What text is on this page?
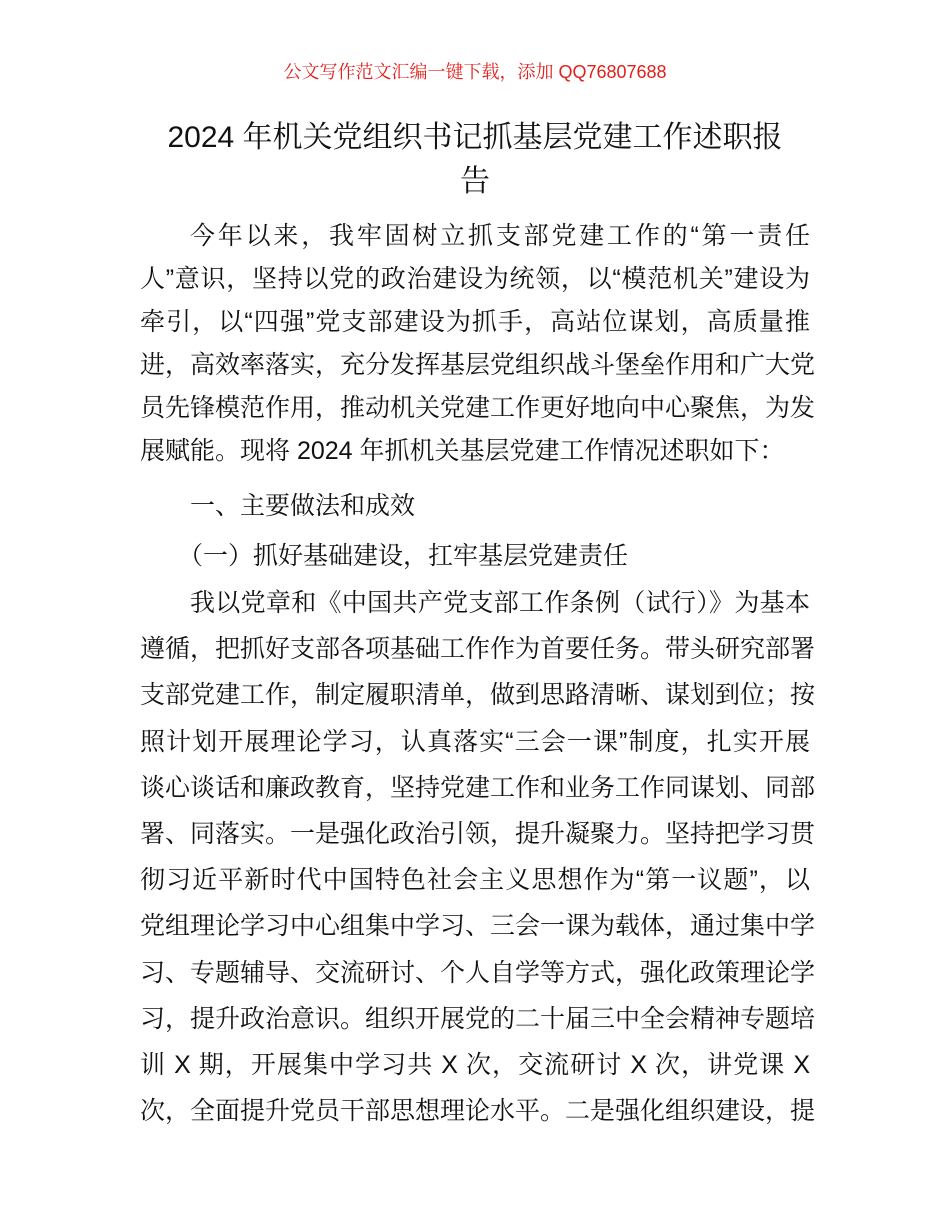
公文写作范文汇编一键下载，添加 QQ76807688
2024 年机关党组织书记抓基层党建工作述职报
告
今年以来，我牢固树立抓支部党建工作的“第一责任
人”意识，坚持以党的政治建设为统领，以“模范机关”建设为
牵引，以“四强”党支部建设为抓手，高站位谋划，高质量推
进，高效率落实，充分发挥基层党组织战斗堡垒作用和广大党
员先锋模范作用，推动机关党建工作更好地向中心聚焦，为发
展赋能。现将 2024 年抓机关基层党建工作情况述职如下：
一、主要做法和成效
（一）抓好基础建设，扛牢基层党建责任
我以党章和《中国共产党支部工作条例（试行）》为基本
遵循，把抓好支部各项基础工作作为首要任务。带头研究部署
支部党建工作，制定履职清单，做到思路清晰、谋划到位；按
照计划开展理论学习，认真落实“三会一课”制度，扎实开展
谈心谈话和廉政教育，坚持党建工作和业务工作同谋划、同部
署、同落实。一是强化政治引领，提升凝聚力。坚持把学习贯
彻习近平新时代中国特色社会主义思想作为“第一议题”，以
党组理论学习中心组集中学习、三会一课为载体，通过集中学
习、专题辅导、交流研讨、个人自学等方式，强化政策理论学
习，提升政治意识。组织开展党的二十届三中全会精神专题培
训 X 期，开展集中学习共 X 次，交流研讨 X 次，讲党课 X
次，全面提升党员干部思想理论水平。二是强化组织建设，提
